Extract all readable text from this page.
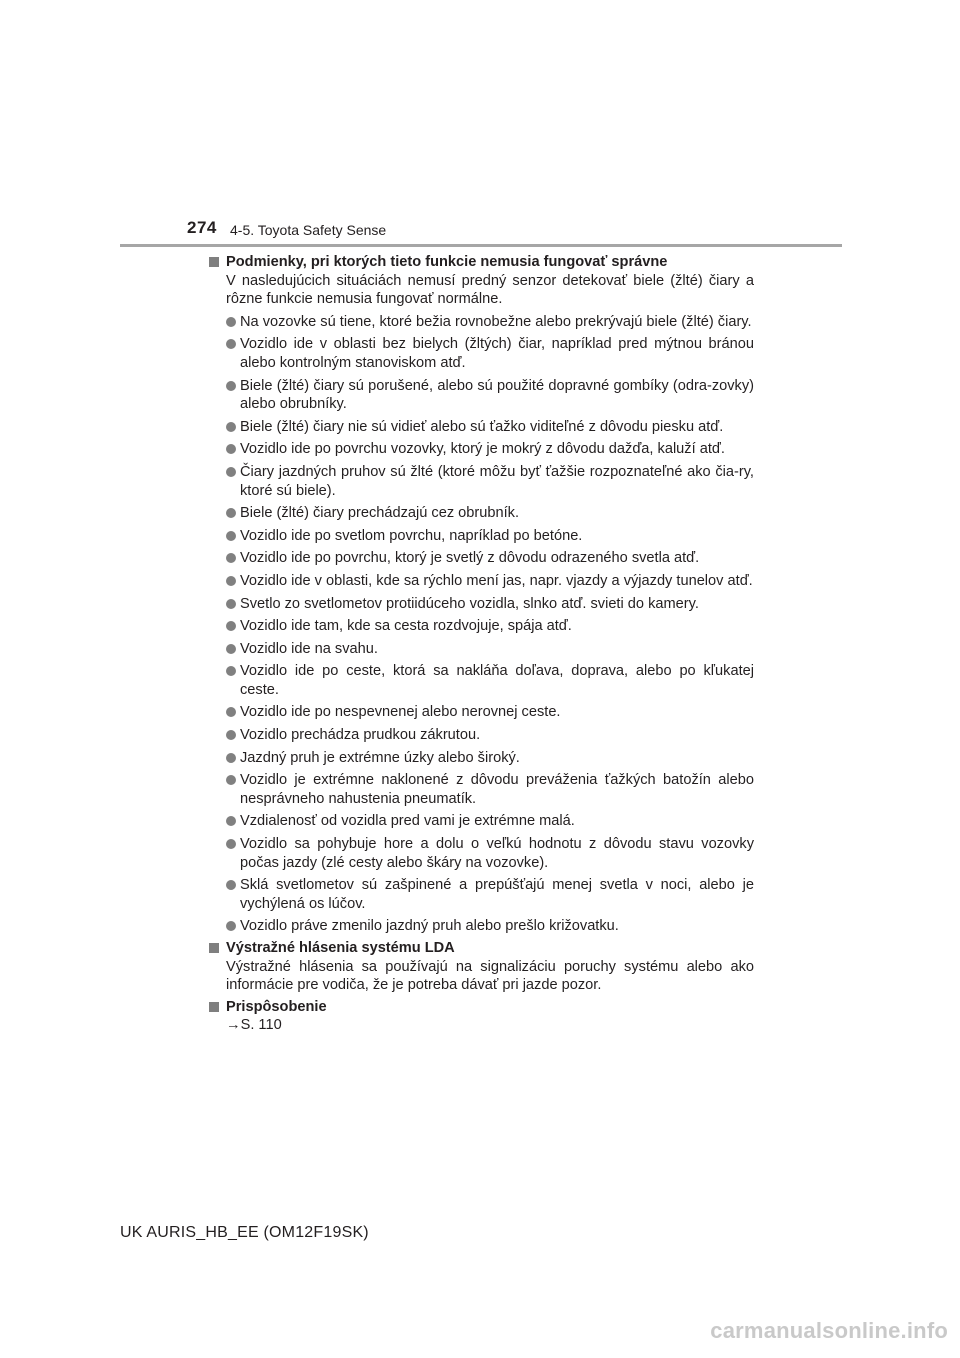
274 4-5. Toyota Safety Sense
Podmienky, pri ktorých tieto funkcie nemusia fungovať správne
V nasledujúcich situáciách nemusí predný senzor detekovať biele (žlté) čiary a rôzne funkcie nemusia fungovať normálne.
Na vozovke sú tiene, ktoré bežia rovnobežne alebo prekrývajú biele (žlté) čiary.
Vozidlo ide v oblasti bez bielych (žltých) čiar, napríklad pred mýtnou bránou alebo kontrolným stanoviskom atď.
Biele (žlté) čiary sú porušené, alebo sú použité dopravné gombíky (odra-zovky) alebo obrubníky.
Biele (žlté) čiary nie sú vidieť alebo sú ťažko viditeľné z dôvodu piesku atď.
Vozidlo ide po povrchu vozovky, ktorý je mokrý z dôvodu dažďa, kaluží atď.
Čiary jazdných pruhov sú žlté (ktoré môžu byť ťažšie rozpoznateľné ako čia-ry, ktoré sú biele).
Biele (žlté) čiary prechádzajú cez obrubník.
Vozidlo ide po svetlom povrchu, napríklad po betóne.
Vozidlo ide po povrchu, ktorý je svetlý z dôvodu odrazeného svetla atď.
Vozidlo ide v oblasti, kde sa rýchlo mení jas, napr. vjazdy a výjazdy tunelov atď.
Svetlo zo svetlometov protiidúceho vozidla, slnko atď. svieti do kamery.
Vozidlo ide tam, kde sa cesta rozdvojuje, spája atď.
Vozidlo ide na svahu.
Vozidlo ide po ceste, ktorá sa nakláňa doľava, doprava, alebo po kľukatej ceste.
Vozidlo ide po nespevnenej alebo nerovnej ceste.
Vozidlo prechádza prudkou zákrutou.
Jazdný pruh je extrémne úzky alebo široký.
Vozidlo je extrémne naklonené z dôvodu preváženia ťažkých batožín alebo nesprávneho nahustenia pneumatík.
Vzdialenosť od vozidla pred vami je extrémne malá.
Vozidlo sa pohybuje hore a dolu o veľkú hodnotu z dôvodu stavu vozovky počas jazdy (zlé cesty alebo škáry na vozovke).
Sklá svetlometov sú zašpinené a prepúšťajú menej svetla v noci, alebo je vychýlená os lúčov.
Vozidlo práve zmenilo jazdný pruh alebo prešlo križovatku.
Výstražné hlásenia systému LDA
Výstražné hlásenia sa používajú na signalizáciu poruchy systému alebo ako informácie pre vodiča, že je potreba dávať pri jazde pozor.
Prispôsobenie
→S. 110
UK AURIS_HB_EE (OM12F19SK)
carmanualsonline.info
